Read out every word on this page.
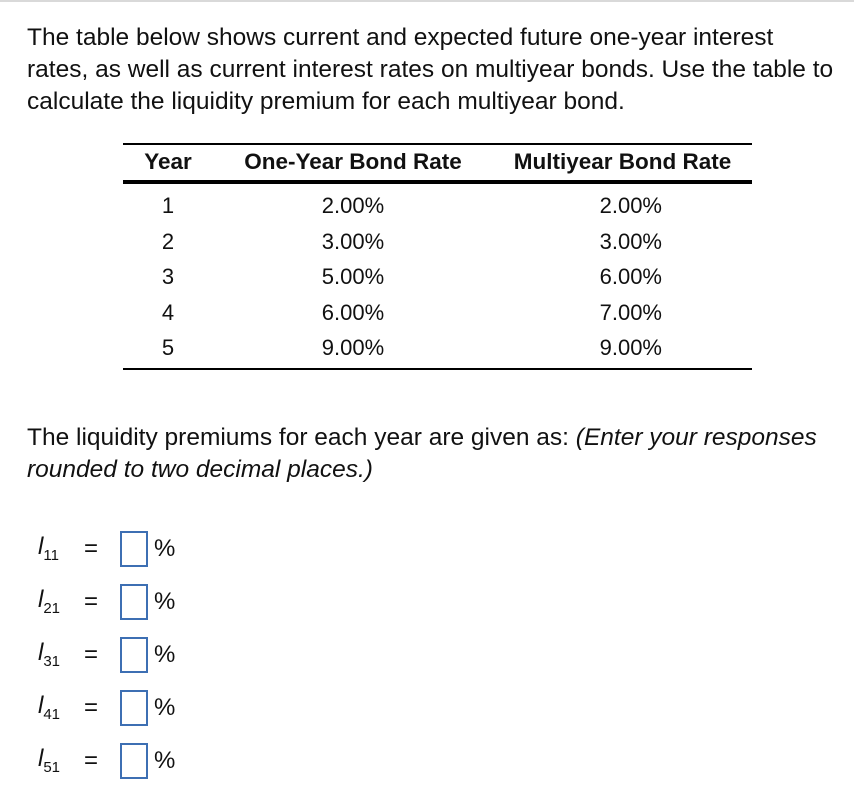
The table below shows current and expected future one-year interest rates, as well as current interest rates on multiyear bonds. Use the table to calculate the liquidity premium for each multiyear bond.

Year	One-Year Bond Rate	Multiyear Bond Rate
1	2.00%	2.00%
2	3.00%	3.00%
3	5.00%	6.00%
4	6.00%	7.00%
5	9.00%	9.00%

The liquidity premiums for each year are given as: (Enter your responses rounded to two decimal places.)

$l_{11}$	=	%
$l_{21}$ =	%
$l_{31}$ =	%
$l_{41}$ =	%
$l_{51}$ =	%
